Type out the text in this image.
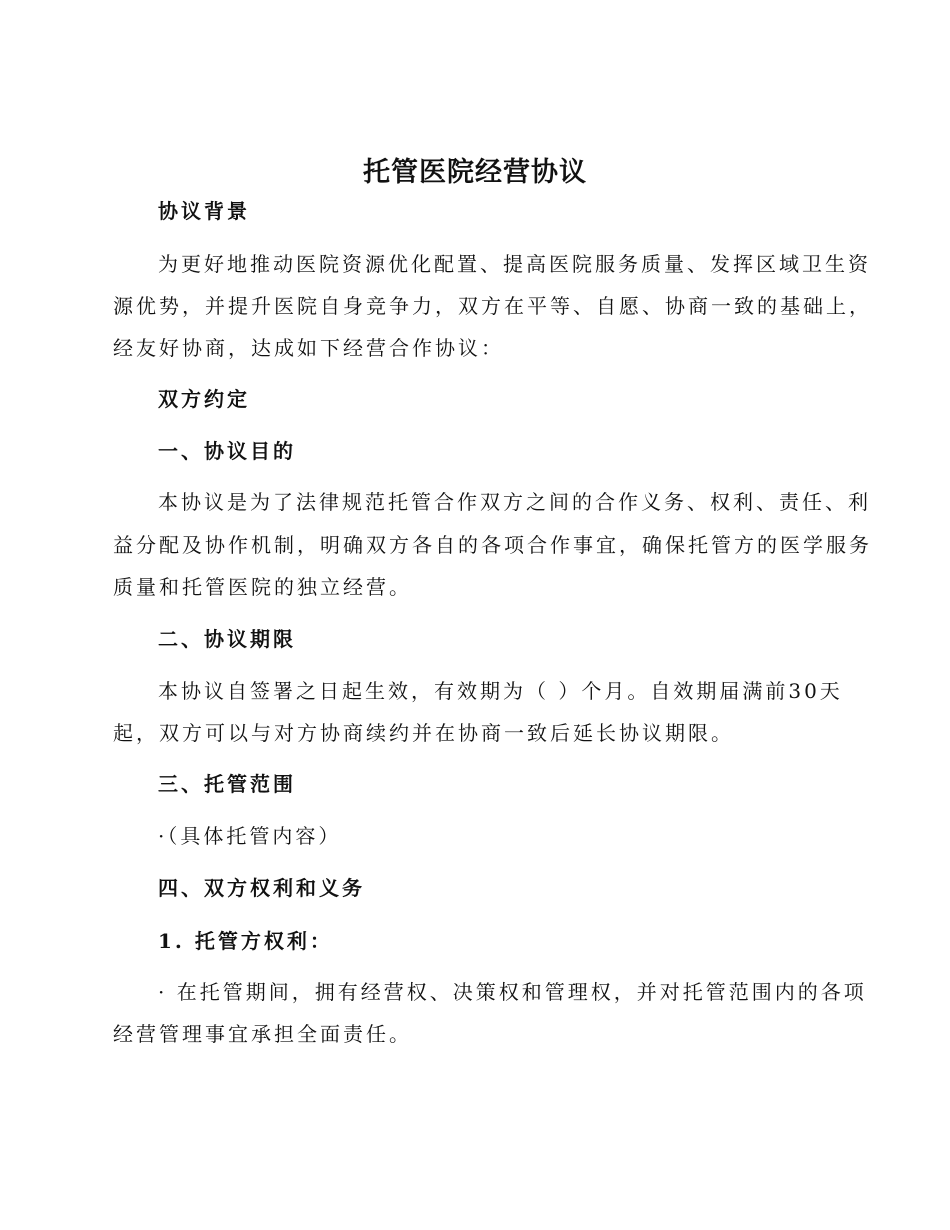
托管医院经营协议
协议背景
为更好地推动医院资源优化配置、提高医院服务质量、发挥区域卫生资
源优势，并提升医院自身竞争力，双方在平等、自愿、协商一致的基础上，
经友好协商，达成如下经营合作协议：
双方约定
一、协议目的
本协议是为了法律规范托管合作双方之间的合作义务、权利、责任、利
益分配及协作机制，明确双方各自的各项合作事宜，确保托管方的医学服务
质量和托管医院的独立经营。
二、协议期限
本协议自签署之日起生效，有效期为（ ）个月。自效期届满前30天
起，双方可以与对方协商续约并在协商一致后延长协议期限。
三、托管范围
·（具体托管内容）
四、双方权利和义务
1. 托管方权利：
· 在托管期间，拥有经营权、决策权和管理权，并对托管范围内的各项
经营管理事宜承担全面责任。
